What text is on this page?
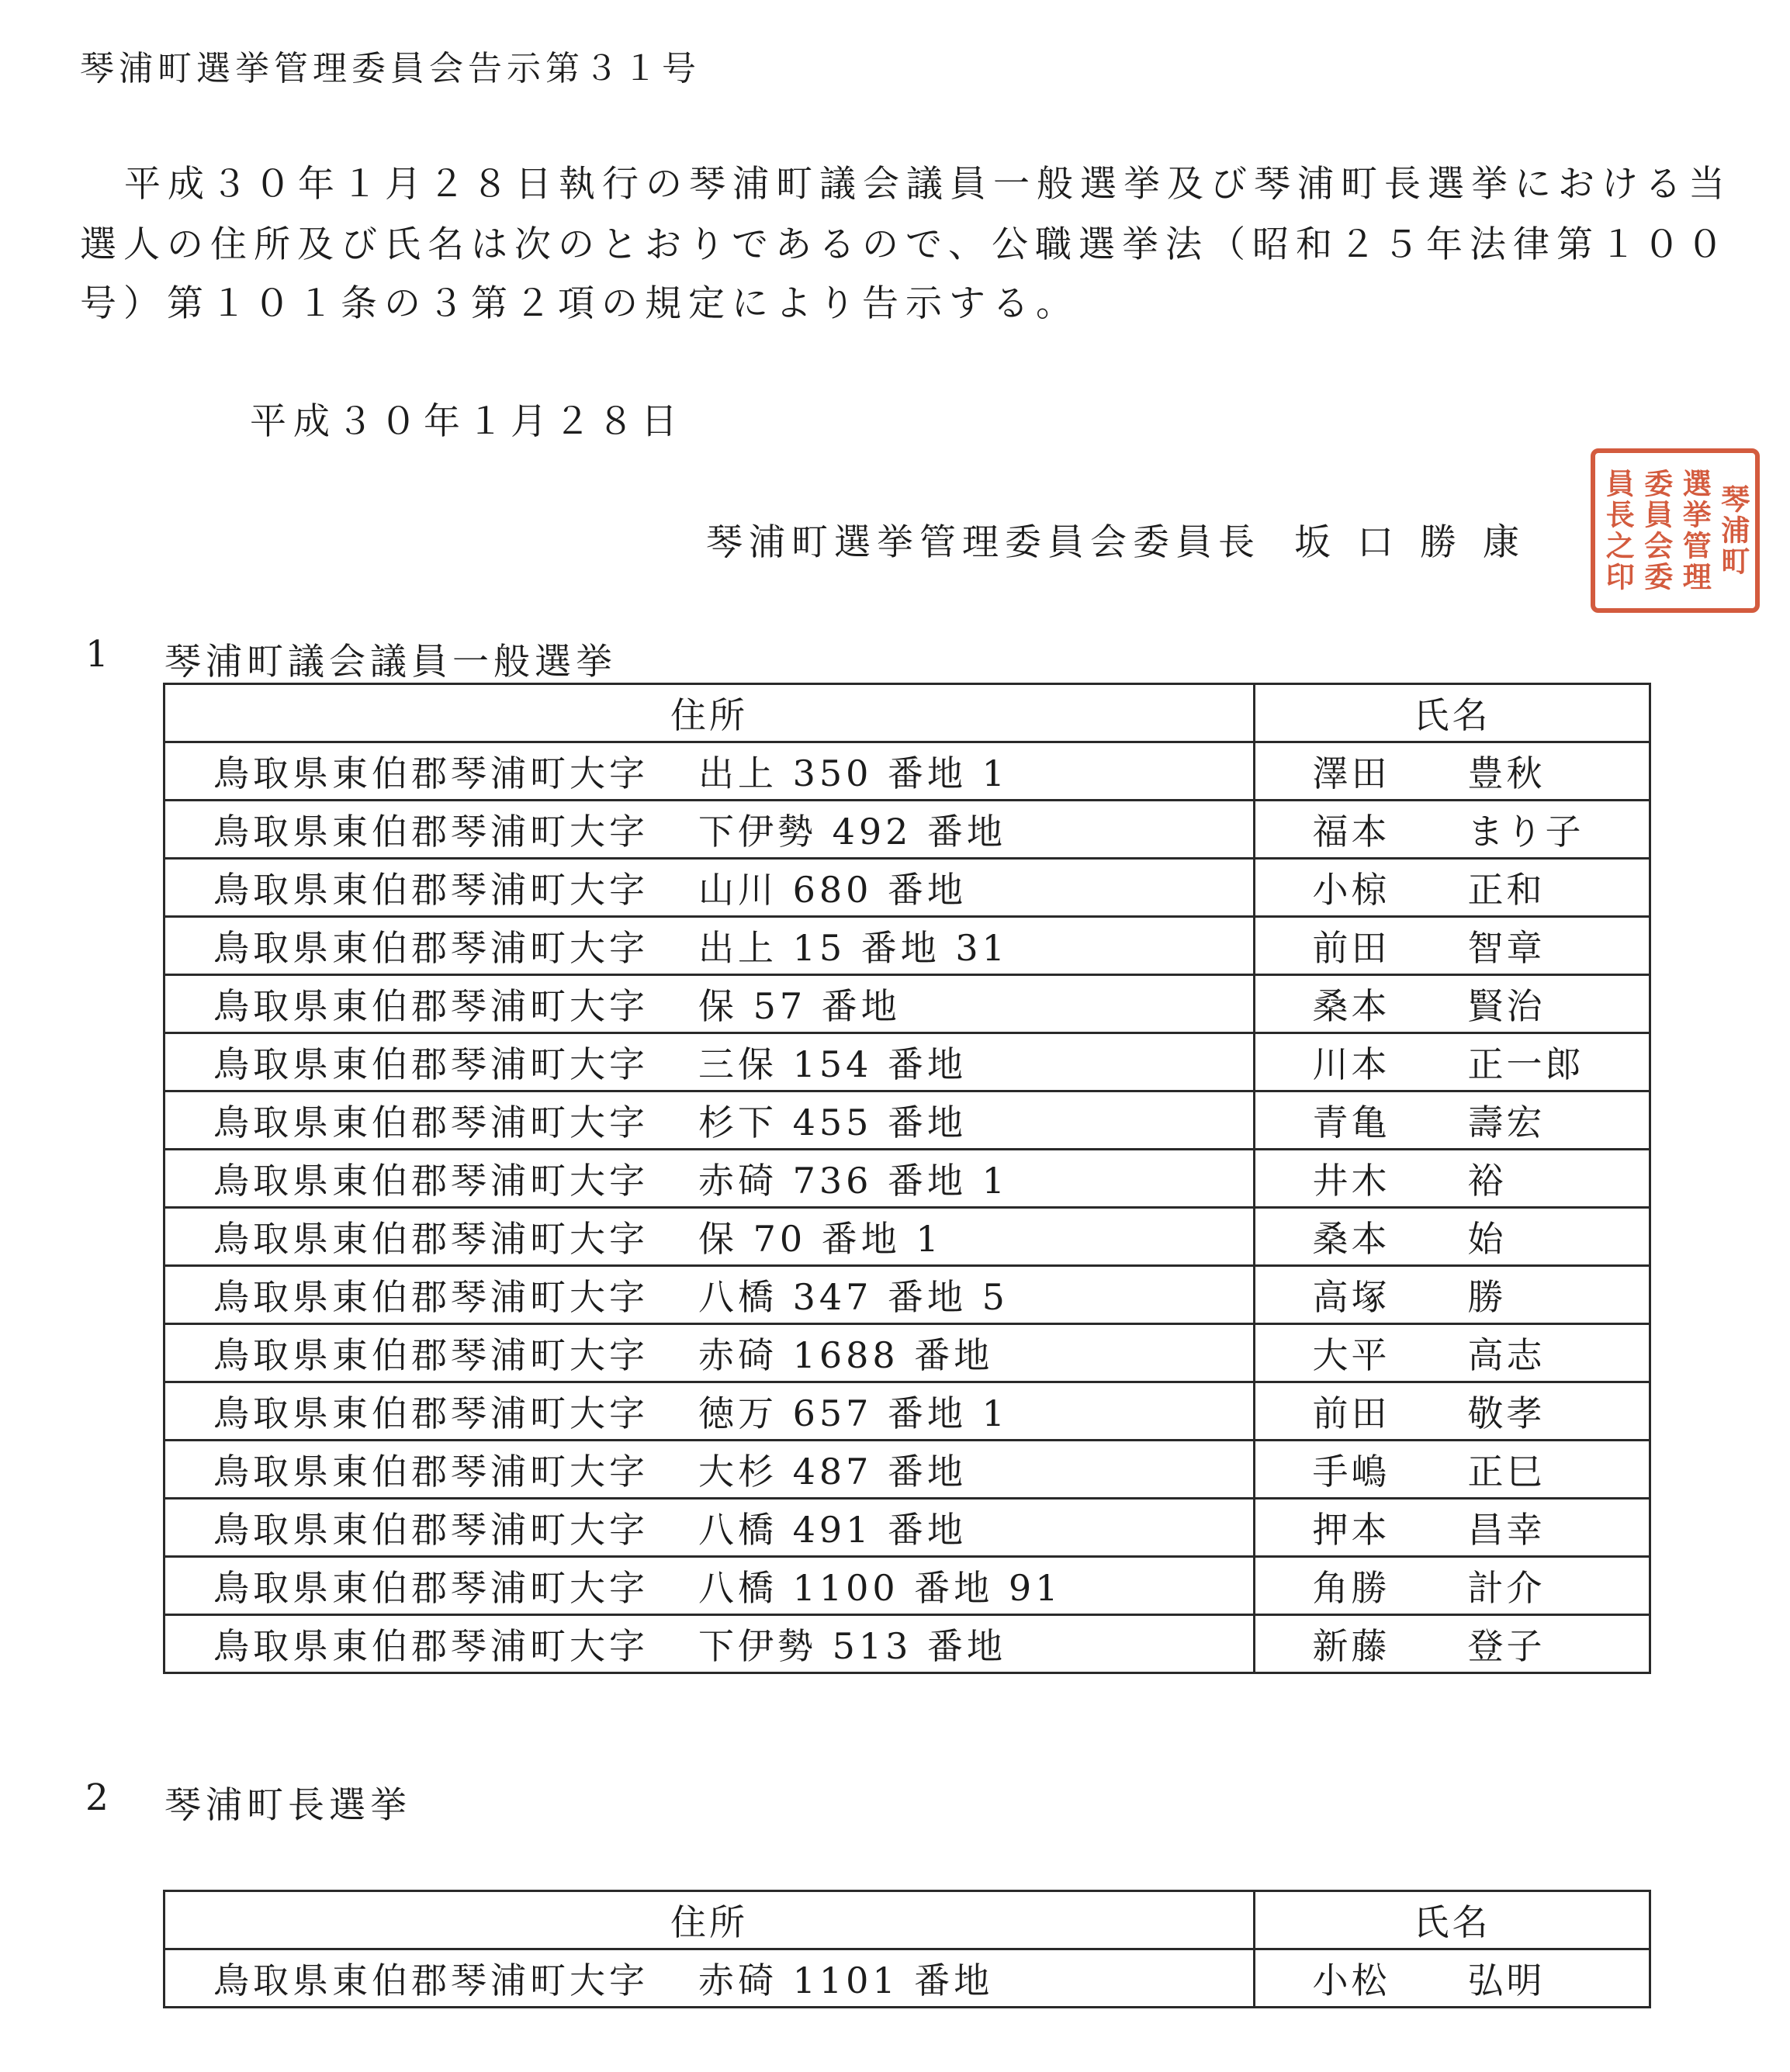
琴浦町選挙管理委員会告示第３１号
平成３０年１月２８日執行の琴浦町議会議員一般選挙及び琴浦町長選挙における当
選人の住所及び氏名は次のとおりであるので、公職選挙法（昭和２５年法律第１００
号）第１０１条の３第２項の規定により告示する。
平成３０年１月２８日
琴浦町選挙管理委員会委員長 坂 口 勝 康	琴浦町
選挙管理
委員会委
員長之印
1	琴浦町議会議員一般選挙
住所	氏名
鳥取県東伯郡琴浦町大字 出上 350 番地 1	澤田 豊秋
鳥取県東伯郡琴浦町大字 下伊勢 492 番地	福本 まり子
鳥取県東伯郡琴浦町大字 山川 680 番地	小椋 正和
鳥取県東伯郡琴浦町大字 出上 15 番地 31	前田 智章
鳥取県東伯郡琴浦町大字 保 57 番地	桑本 賢治
鳥取県東伯郡琴浦町大字 三保 154 番地	川本 正一郎
鳥取県東伯郡琴浦町大字 杉下 455 番地	青亀 壽宏
鳥取県東伯郡琴浦町大字 赤碕 736 番地 1	井木 裕
鳥取県東伯郡琴浦町大字 保 70 番地 1	桑本 始
鳥取県東伯郡琴浦町大字 八橋 347 番地 5	高塚 勝
鳥取県東伯郡琴浦町大字 赤碕 1688 番地	大平 高志
鳥取県東伯郡琴浦町大字 徳万 657 番地 1	前田 敬孝
鳥取県東伯郡琴浦町大字 大杉 487 番地	手嶋 正巳
鳥取県東伯郡琴浦町大字 八橋 491 番地	押本 昌幸
鳥取県東伯郡琴浦町大字 八橋 1100 番地 91	角勝 計介
鳥取県東伯郡琴浦町大字 下伊勢 513 番地	新藤 登子
2	琴浦町長選挙
住所	氏名
鳥取県東伯郡琴浦町大字 赤碕 1101 番地	小松 弘明
